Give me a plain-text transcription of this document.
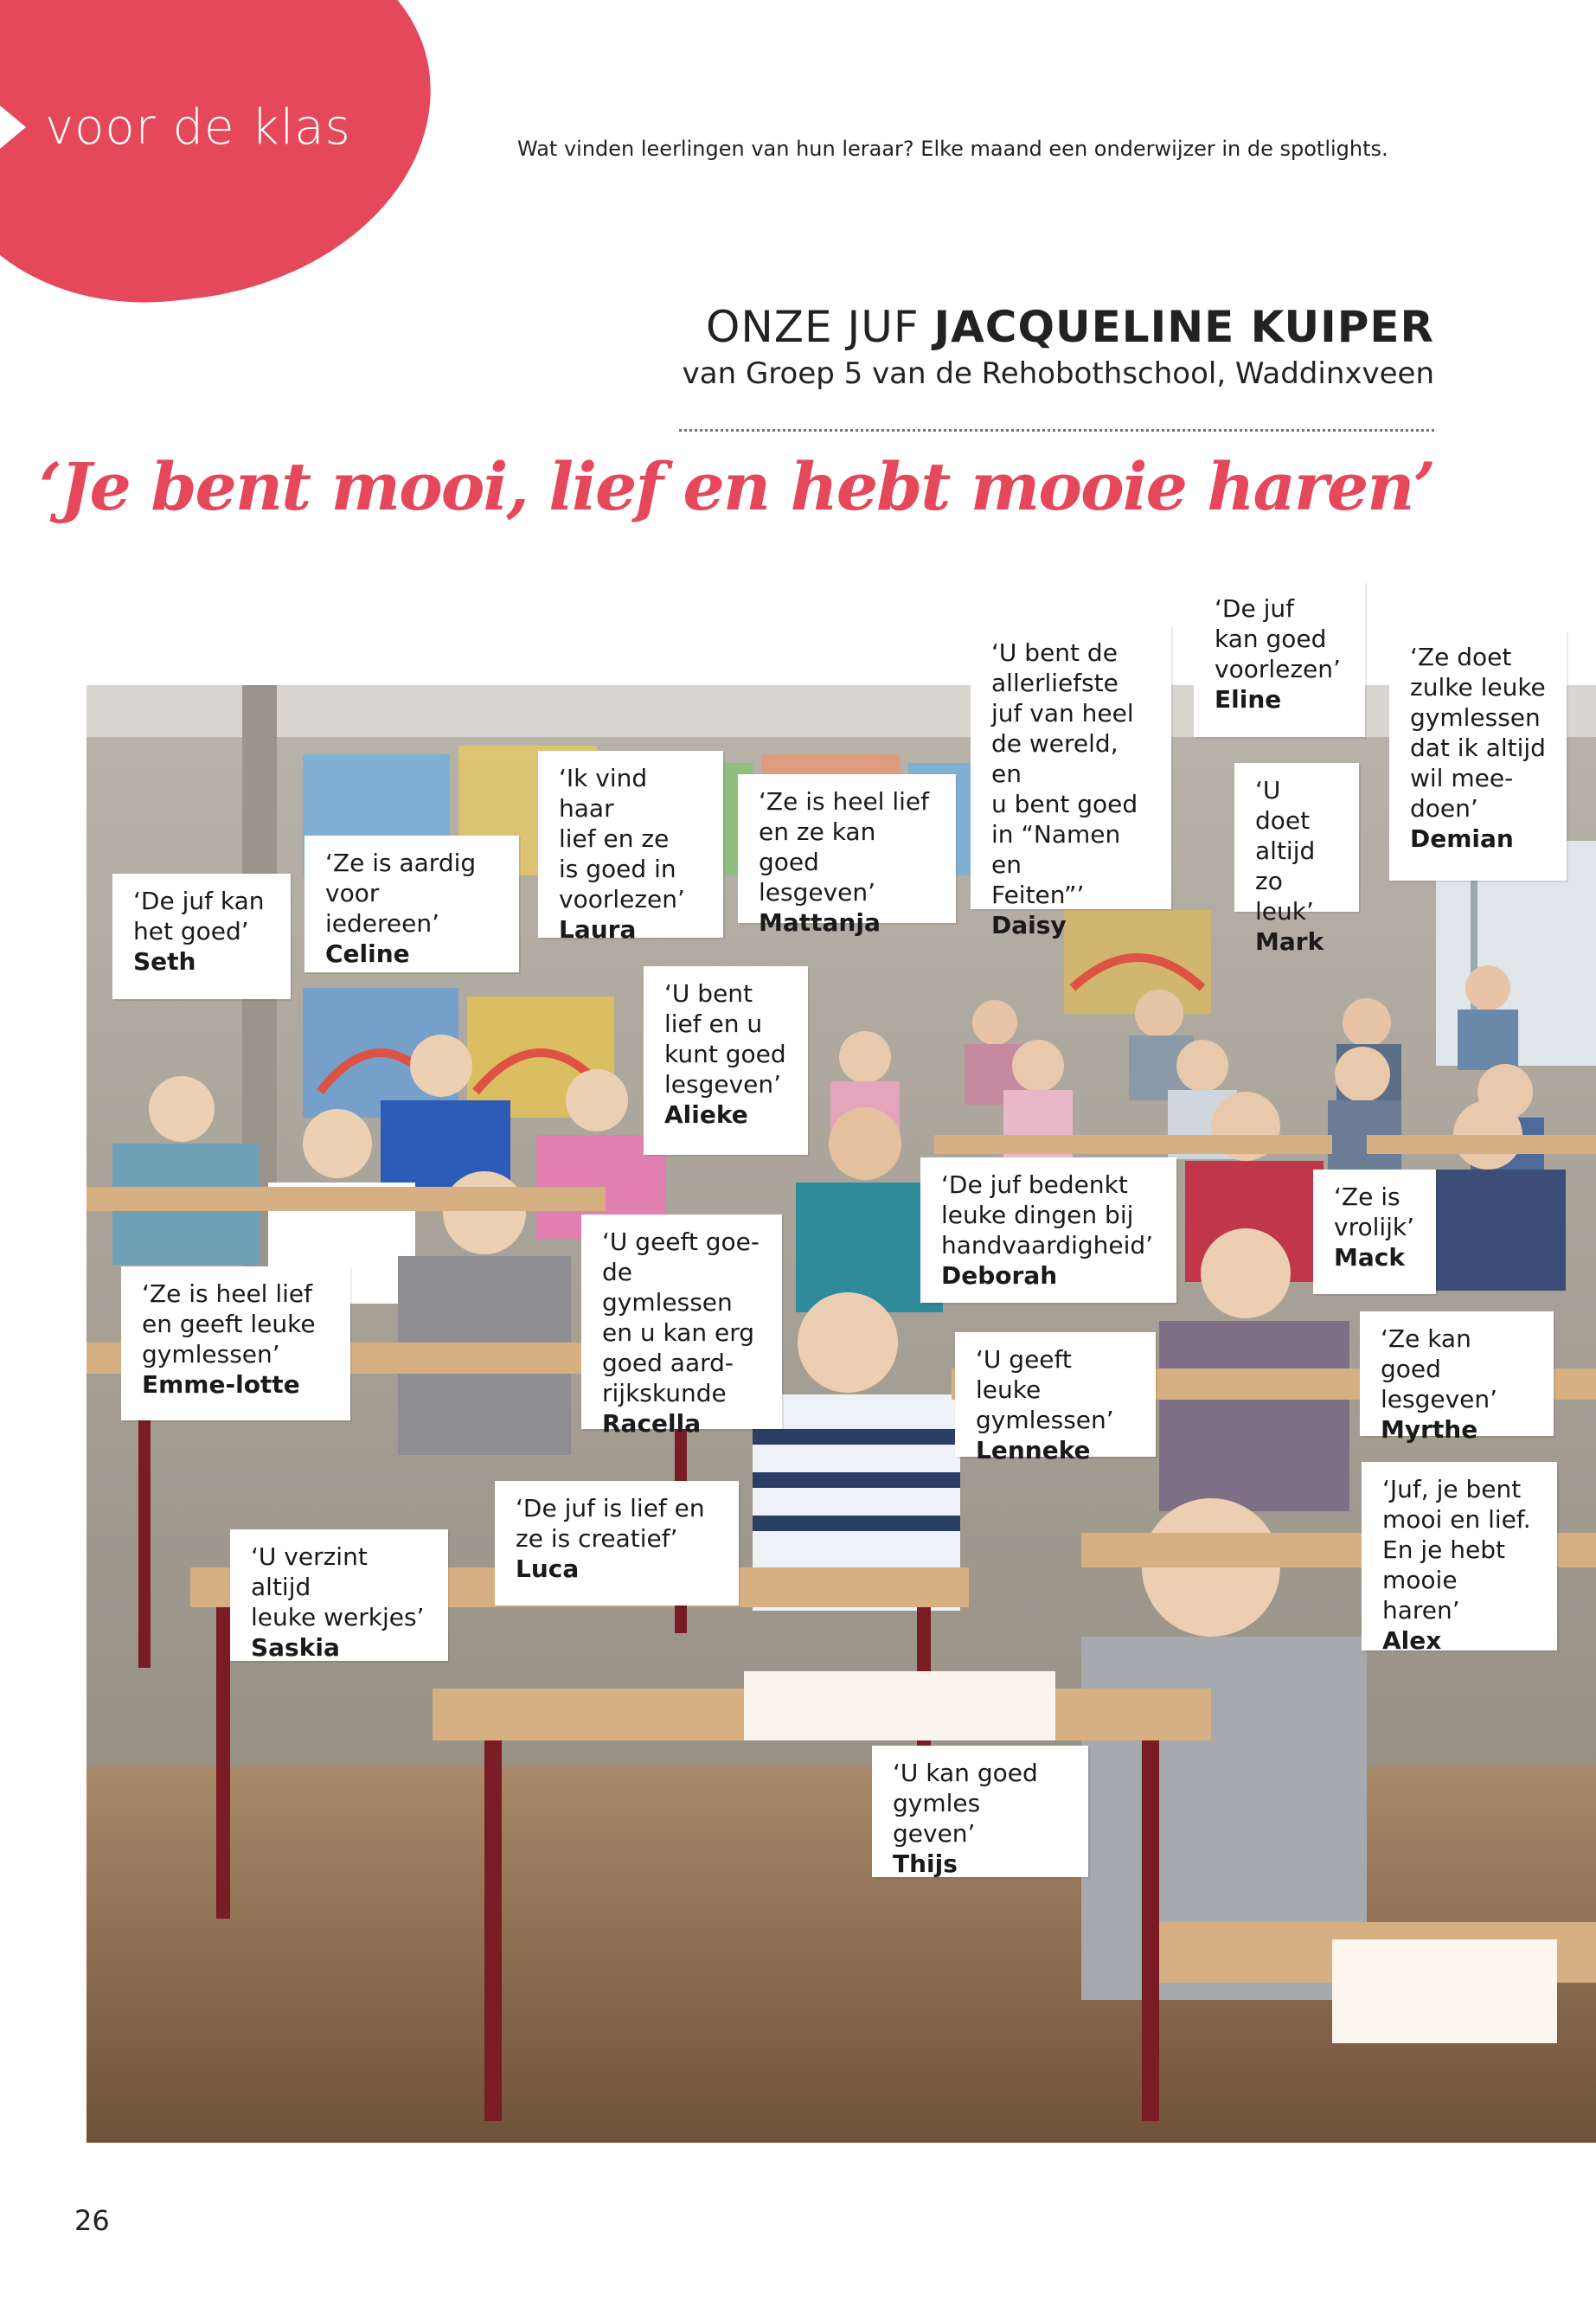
voor de klas	Wat vinden leerlingen van hun leraar? Elke maand een onderwijzer in de spotlights.
ONZE JUF JACQUELINE KUIPER
van Groep 5 van de Rehobothschool, Waddinxveen
‘Je bent mooi, lief en hebt mooie haren’
‘De juf kan
het goed’
Seth
‘Ze is aardig
voor iedereen’
Celine
‘Ik vind haar
lief en ze
is goed in
voorlezen’
Laura
‘Ze is heel lief
en ze kan goed
lesgeven’
Mattanja
‘U bent de
allerliefste
juf van heel
de wereld, en
u bent goed
in “Namen en
Feiten”’
Daisy
‘De juf
kan goed
voorlezen’
Eline
‘U doet
altijd
zo leuk’
Mark
‘Ze doet
zulke leuke
gymlessen
dat ik altijd
wil mee-
doen’
Demian
‘U bent
lief en u
kunt goed
lesgeven’
Alieke
‘De juf bedenkt
leuke dingen bij
handvaardigheid’
Deborah
‘Ze is
vrolijk’
Mack
‘U geeft goe-
de gymlessen
en u kan erg
goed aard-
rijkskunde
Racella
‘Ze is heel lief
en geeft leuke
gymlessen’
Emme-lotte
‘U geeft leuke
gymlessen’
Lenneke
‘Ze kan goed
lesgeven’
Myrthe
‘De juf is lief en
ze is creatief’
Luca
‘Juf, je bent
mooi en lief.
En je hebt
mooie haren’
Alex
‘U verzint altijd
leuke werkjes’
Saskia
‘U kan goed
gymles geven’
Thijs
26
